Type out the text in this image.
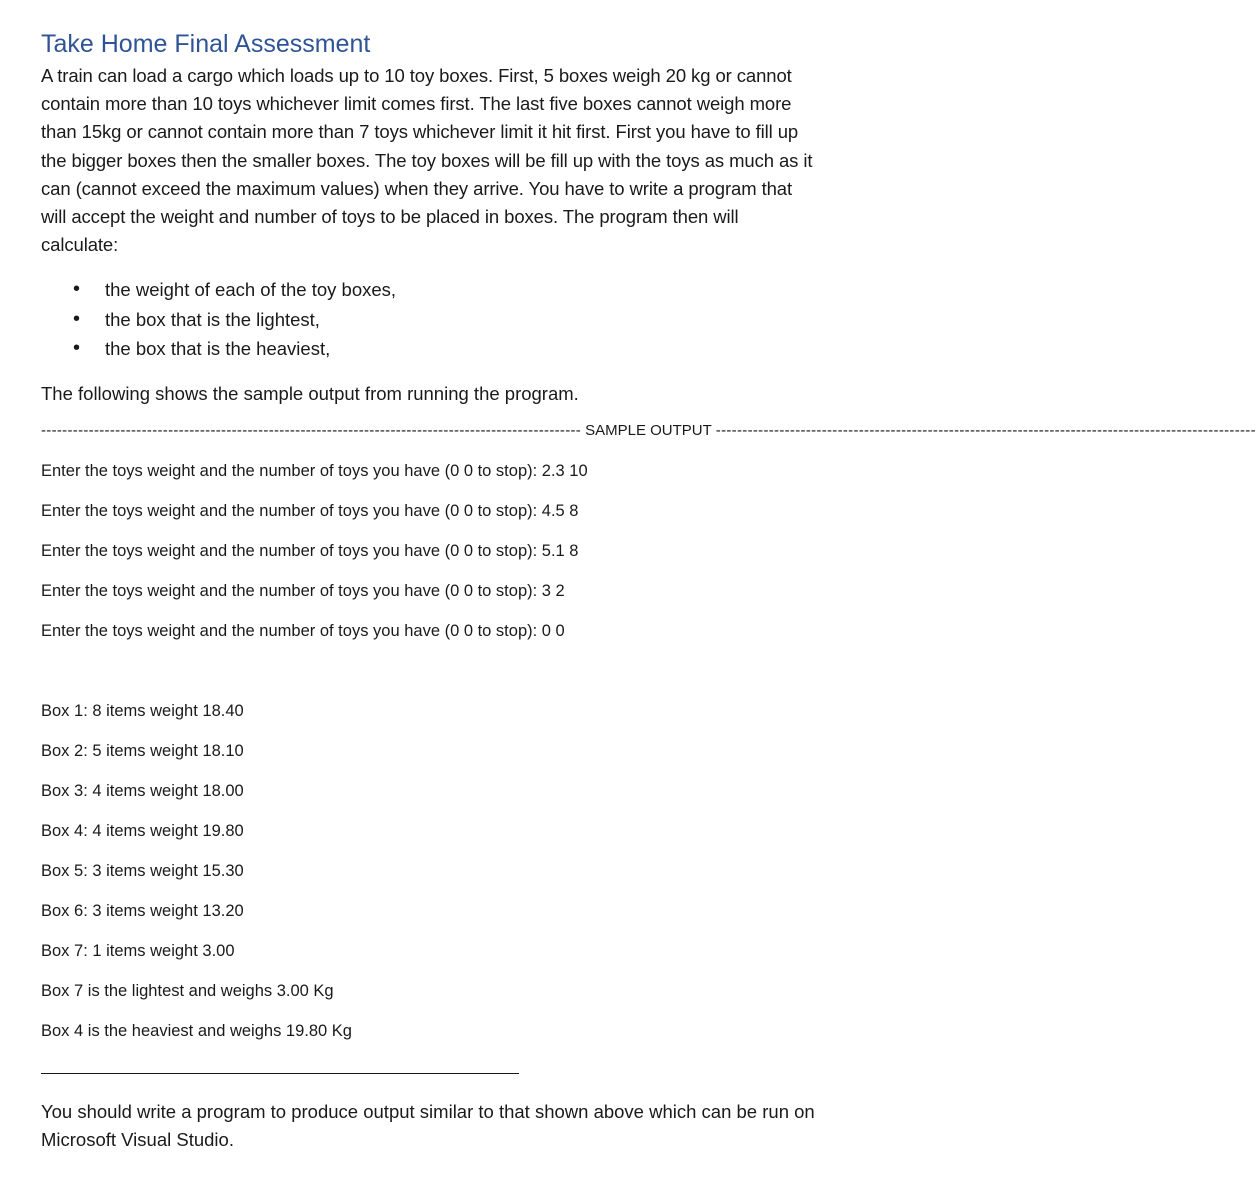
Take Home Final Assessment

A train can load a cargo which loads up to 10 toy boxes. First, 5 boxes weigh 20 kg or cannot

contain more than 10 toys whichever limit comes first. The last five boxes cannot weigh more

than 15kg or cannot contain more than 7 toys whichever limit it hit first. First you have to fill up

the bigger boxes then the smaller boxes. The toy boxes will be fill up with the toys as much as it

can (cannot exceed the maximum values) when they arrive. You have to write a program that

will accept the weight and number of toys to be placed in boxes. The program then will

calculate:

• the weight of each of the toy boxes,
• the box that is the lightest,
• the box that is the heaviest,

The following shows the sample output from running the program.

------------------------------------------------------------------------------------------------------ SAMPLE OUTPUT ------------------------------------------------------------------------------------------------------
Enter the toys weight and the number of toys you have (0 0 to stop): 2.3 10
Enter the toys weight and the number of toys you have (0 0 to stop): 4.5 8
Enter the toys weight and the number of toys you have (0 0 to stop): 5.1 8
Enter the toys weight and the number of toys you have (0 0 to stop): 3 2
Enter the toys weight and the number of toys you have (0 0 to stop): 0 0
Box 1: 8 items weight 18.40
Box 2: 5 items weight 18.10
Box 3: 4 items weight 18.00
Box 4: 4 items weight 19.80
Box 5: 3 items weight 15.30
Box 6: 3 items weight 13.20
Box 7: 1 items weight 3.00
Box 7 is the lightest and weighs 3.00 Kg
Box 4 is the heaviest and weighs 19.80 Kg

You should write a program to produce output similar to that shown above which can be run on

Microsoft Visual Studio.
